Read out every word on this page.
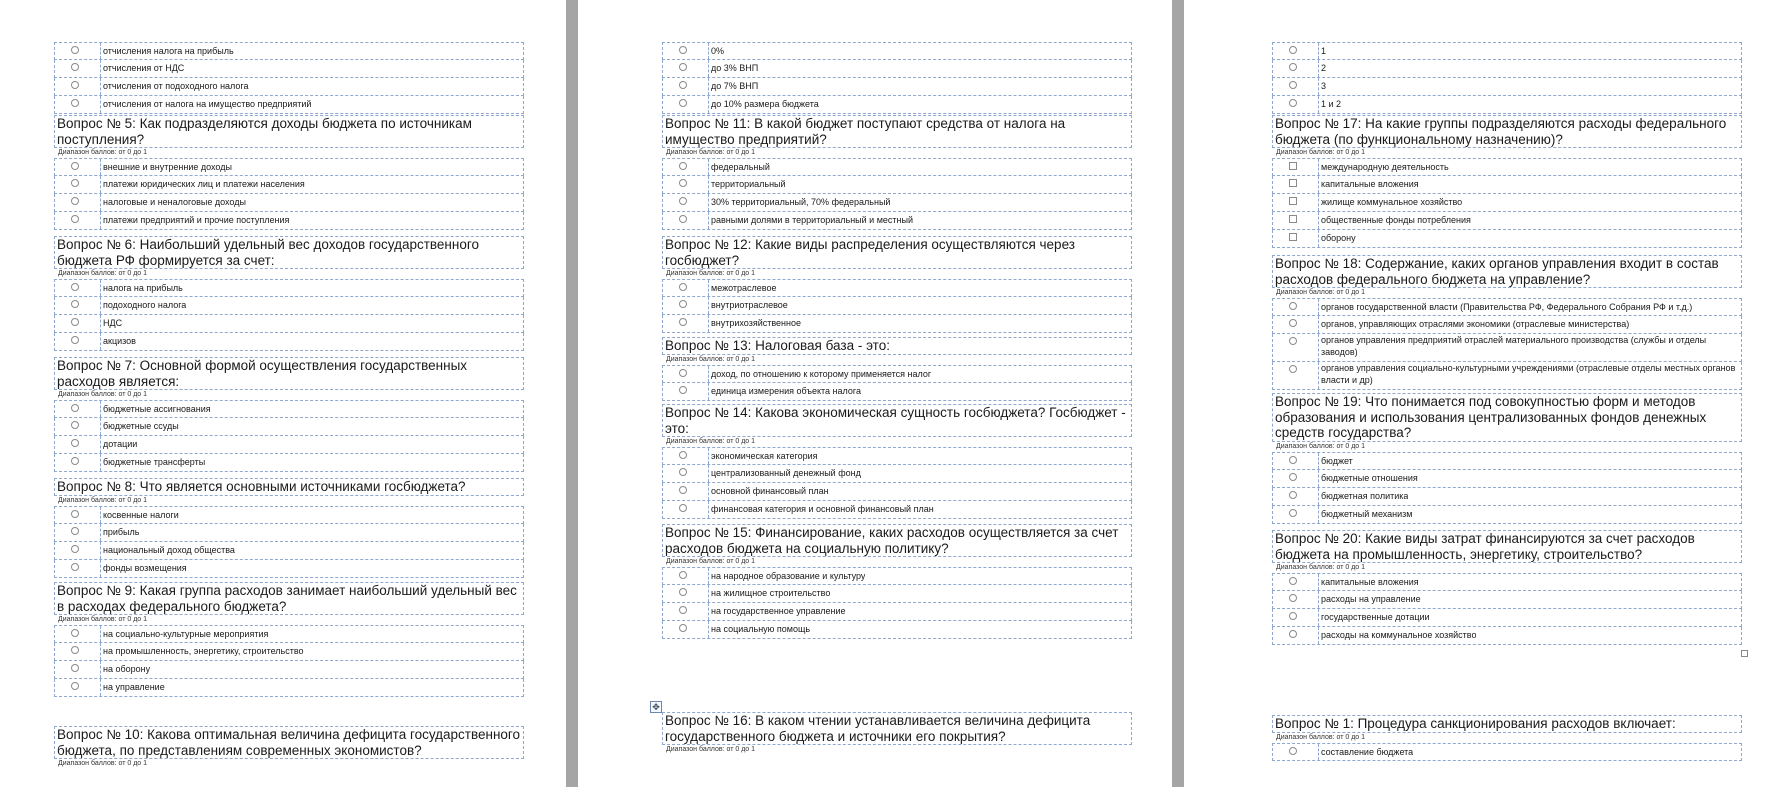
отчисления налога на прибыль
отчисления от НДС
отчисления от подоходного налога
отчисления от налога на имущество предприятий
Вопрос № 5: Как подразделяются доходы бюджета по источникам поступления?
Диапазон баллов: от 0 до 1
внешние и внутренние доходы
платежи юридических лиц и платежи населения
налоговые и неналоговые доходы
платежи предприятий и прочие поступления
Вопрос № 6: Наибольший удельный вес доходов государственного бюджета РФ формируется за счет:
Диапазон баллов: от 0 до 1
налога на прибыль
подоходного налога
НДС
акцизов
Вопрос № 7: Основной формой осуществления государственных расходов является:
Диапазон баллов: от 0 до 1
бюджетные ассигнования
бюджетные ссуды
дотации
бюджетные трансферты
Вопрос № 8: Что является основными источниками госбюджета?
Диапазон баллов: от 0 до 1
косвенные налоги
прибыль
национальный доход общества
фонды возмещения
Вопрос № 9: Какая группа расходов занимает наибольший удельный вес в расходах федерального бюджета?
Диапазон баллов: от 0 до 1
на социально-культурные мероприятия
на промышленность, энергетику, строительство
на оборону
на управление
Вопрос № 10: Какова оптимальная величина дефицита государственного бюджета, по представлениям современных экономистов?
Диапазон баллов: от 0 до 1
0%
до 3% ВНП
до 7% ВНП
до 10% размера бюджета
Вопрос № 11: В какой бюджет поступают средства от налога на имущество предприятий?
Диапазон баллов: от 0 до 1
федеральный
территориальный
30% территориальный, 70% федеральный
равными долями в территориальный и местный
Вопрос № 12: Какие виды распределения осуществляются через госбюджет?
Диапазон баллов: от 0 до 1
межотраслевое
внутриотраслевое
внутрихозяйственное
Вопрос № 13: Налоговая база - это:
Диапазон баллов: от 0 до 1
доход, по отношению к которому применяется налог
единица измерения объекта налога
Вопрос № 14: Какова экономическая сущность госбюджета? Госбюджет - это:
Диапазон баллов: от 0 до 1
экономическая категория
централизованный денежный фонд
основной финансовый план
финансовая категория и основной финансовый план
Вопрос № 15: Финансирование, каких расходов осуществляется за счет расходов бюджета на социальную политику?
Диапазон баллов: от 0 до 1
на народное образование и культуру
на жилищное строительство
на государственное управление
на социальную помощь
✥
Вопрос № 16: В каком чтении устанавливается величина дефицита государственного бюджета и источники его покрытия?
Диапазон баллов: от 0 до 1
1
2
3
1 и 2
Вопрос № 17: На какие группы подразделяются расходы федерального бюджета (по функциональному назначению)?
Диапазон баллов: от 0 до 1
международную деятельность
капитальные вложения
жилище коммунальное хозяйство
общественные фонды потребления
оборону
Вопрос № 18: Содержание, каких органов управления входит в состав расходов федерального бюджета на управление?
Диапазон баллов: от 0 до 1
органов государственной власти (Правительства РФ, Федерального Собрания РФ и т.д.)
органов, управляющих отраслями экономики (отраслевые министерства)
органов управления предприятий отраслей материального производства (службы и отделы заводов)
органов управления социально-культурными учреждениями (отраслевые отделы местных органов власти и др)
Вопрос № 19: Что понимается под совокупностью форм и методов образования и использования централизованных фондов денежных средств государства?
Диапазон баллов: от 0 до 1
бюджет
бюджетные отношения
бюджетная политика
бюджетный механизм
Вопрос № 20: Какие виды затрат финансируются за счет расходов бюджета на промышленность, энергетику, строительство?
Диапазон баллов: от 0 до 1
капитальные вложения
расходы на управление
государственные дотации
расходы на коммунальное хозяйство
Вопрос № 1: Процедура санкционирования расходов включает:
Диапазон баллов: от 0 до 1
составление бюджета
